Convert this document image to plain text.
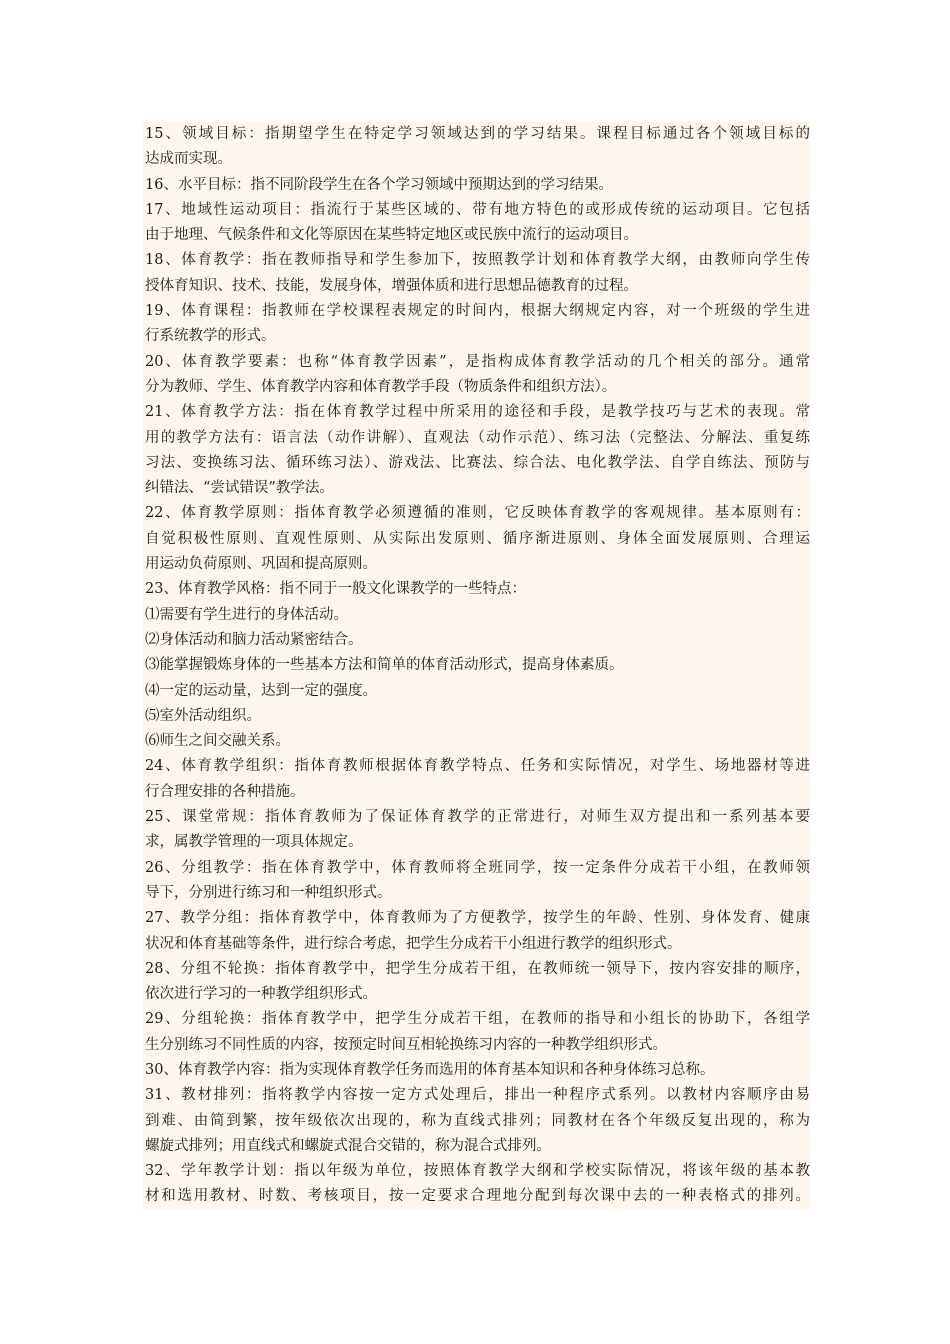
15、领域目标：指期望学生在特定学习领域达到的学习结果。课程目标通过各个领域目标的
达成而实现。
16、水平目标：指不同阶段学生在各个学习领域中预期达到的学习结果。
17、地域性运动项目：指流行于某些区域的、带有地方特色的或形成传统的运动项目。它包括
由于地理、气候条件和文化等原因在某些特定地区或民族中流行的运动项目。
18、体育教学：指在教师指导和学生参加下，按照教学计划和体育教学大纲，由教师向学生传
授体育知识、技术、技能，发展身体，增强体质和进行思想品德教育的过程。
19、体育课程：指教师在学校课程表规定的时间内，根据大纲规定内容，对一个班级的学生进
行系统教学的形式。
20、体育教学要素：也称“体育教学因素”，是指构成体育教学活动的几个相关的部分。通常
分为教师、学生、体育教学内容和体育教学手段（物质条件和组织方法）。
21、体育教学方法：指在体育教学过程中所采用的途径和手段，是教学技巧与艺术的表现。常
用的教学方法有：语言法（动作讲解）、直观法（动作示范）、练习法（完整法、分解法、重复练
习法、变换练习法、循环练习法）、游戏法、比赛法、综合法、电化教学法、自学自练法、预防与
纠错法、“尝试错误”教学法。
22、体育教学原则：指体育教学必须遵循的准则，它反映体育教学的客观规律。基本原则有：
自觉积极性原则、直观性原则、从实际出发原则、循序渐进原则、身体全面发展原则、合理运
用运动负荷原则、巩固和提高原则。
23、体育教学风格：指不同于一般文化课教学的一些特点：
⑴需要有学生进行的身体活动。
⑵身体活动和脑力活动紧密结合。
⑶能掌握锻炼身体的一些基本方法和简单的体育活动形式，提高身体素质。
⑷一定的运动量，达到一定的强度。
⑸室外活动组织。
⑹师生之间交融关系。
24、体育教学组织：指体育教师根据体育教学特点、任务和实际情况，对学生、场地器材等进
行合理安排的各种措施。
25、课堂常规：指体育教师为了保证体育教学的正常进行，对师生双方提出和一系列基本要
求，属教学管理的一项具体规定。
26、分组教学：指在体育教学中，体育教师将全班同学，按一定条件分成若干小组，在教师领
导下，分别进行练习和一种组织形式。
27、教学分组：指体育教学中，体育教师为了方便教学，按学生的年龄、性别、身体发育、健康
状况和体育基础等条件，进行综合考虑，把学生分成若干小组进行教学的组织形式。
28、分组不轮换：指体育教学中，把学生分成若干组，在教师统一领导下，按内容安排的顺序，
依次进行学习的一种教学组织形式。
29、分组轮换：指体育教学中，把学生分成若干组，在教师的指导和小组长的协助下，各组学
生分别练习不同性质的内容，按预定时间互相轮换练习内容的一种教学组织形式。
30、体育教学内容：指为实现体育教学任务而选用的体育基本知识和各种身体练习总称。
31、教材排列：指将教学内容按一定方式处理后，排出一种程序式系列。以教材内容顺序由易
到难、由简到繁，按年级依次出现的，称为直线式排列；同教材在各个年级反复出现的，称为
螺旋式排列；用直线式和螺旋式混合交错的，称为混合式排列。
32、学年教学计划：指以年级为单位，按照体育教学大纲和学校实际情况，将该年级的基本教
材和选用教材、时数、考核项目，按一定要求合理地分配到每次课中去的一种表格式的排列。
